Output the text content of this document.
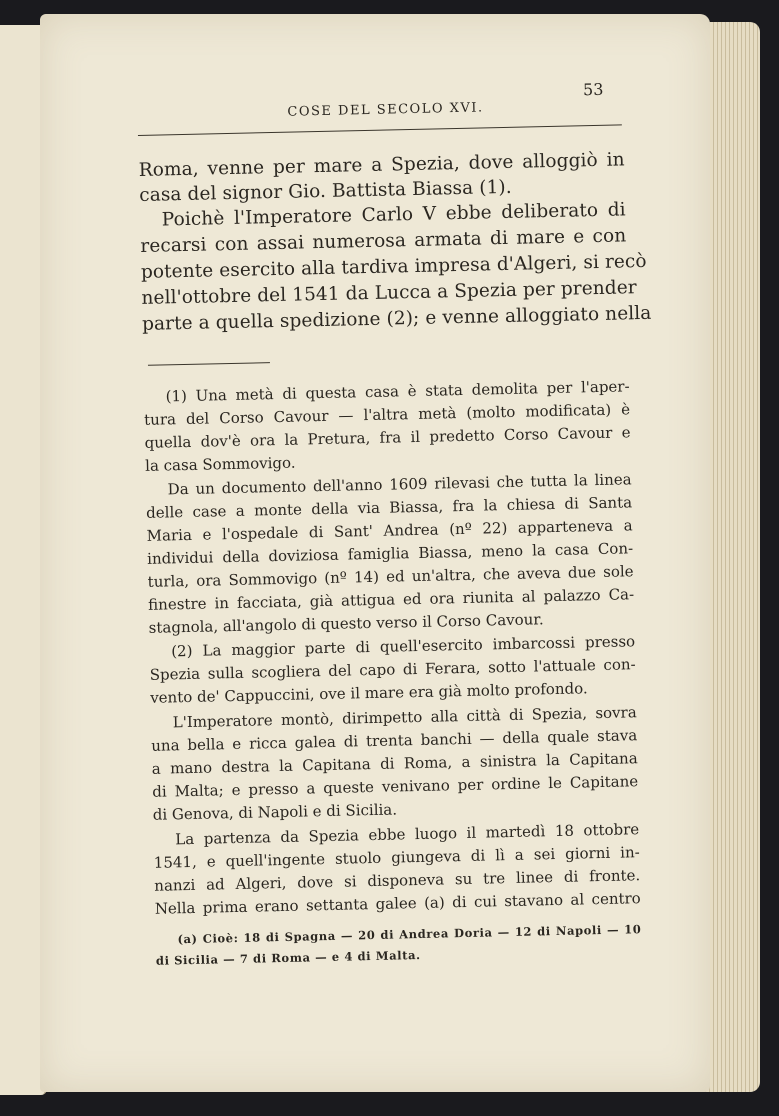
COSE DEL SECOLO XVI.
53
Roma, venne per mare a Spezia, dove alloggiò in
casa del signor Gio. Battista Biassa (1).
Poichè l'Imperatore Carlo V ebbe deliberato di
recarsi con assai numerosa armata di mare e con
potente esercito alla tardiva impresa d'Algeri, si recò
nell'ottobre del 1541 da Lucca a Spezia per prender
parte a quella spedizione (2); e venne alloggiato nella
(1) Una metà di questa casa è stata demolita per l'aper-
tura del Corso Cavour — l'altra metà (molto modificata) è
quella dov'è ora la Pretura, fra il predetto Corso Cavour e
la casa Sommovigo.
Da un documento dell'anno 1609 rilevasi che tutta la linea
delle case a monte della via Biassa, fra la chiesa di Santa
Maria e l'ospedale di Sant' Andrea (nº 22) apparteneva a
individui della doviziosa famiglia Biassa, meno la casa Con-
turla, ora Sommovigo (nº 14) ed un'altra, che aveva due sole
finestre in facciata, già attigua ed ora riunita al palazzo Ca-
stagnola, all'angolo di questo verso il Corso Cavour.
(2) La maggior parte di quell'esercito imbarcossi presso
Spezia sulla scogliera del capo di Ferara, sotto l'attuale con-
vento de' Cappuccini, ove il mare era già molto profondo.
L'Imperatore montò, dirimpetto alla città di Spezia, sovra
una bella e ricca galea di trenta banchi — della quale stava
a mano destra la Capitana di Roma, a sinistra la Capitana
di Malta; e presso a queste venivano per ordine le Capitane
di Genova, di Napoli e di Sicilia.
La partenza da Spezia ebbe luogo il martedì 18 ottobre
1541, e quell'ingente stuolo giungeva di lì a sei giorni in-
nanzi ad Algeri, dove si disponeva su tre linee di fronte.
Nella prima erano settanta galee (a) di cui stavano al centro
(a) Cioè: 18 di Spagna — 20 di Andrea Doria — 12 di Napoli — 10
di Sicilia — 7 di Roma — e 4 di Malta.
